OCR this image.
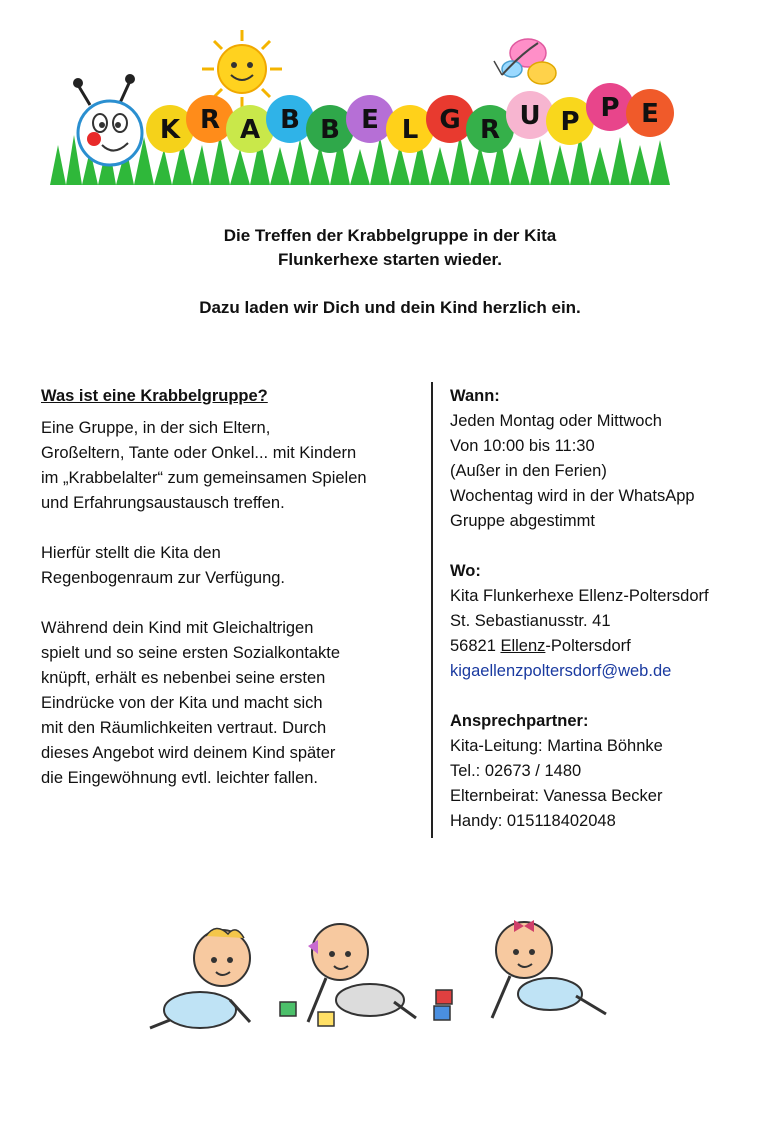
K R A B B E L G R U P P E
Die Treffen der Krabbelgruppe in der Kita
Flunkerhexe starten wieder.
Dazu laden wir Dich und dein Kind herzlich ein.
Was ist eine Krabbelgruppe?

Eine Gruppe, in der sich Eltern,
Großeltern, Tante oder Onkel... mit Kindern
im „Krabbelalter“ zum gemeinsamen Spielen
und Erfahrungsaustausch treffen.

Hierfür stellt die Kita den
Regenbogenraum zur Verfügung.

Während dein Kind mit Gleichaltrigen
spielt und so seine ersten Sozialkontakte
knüpft, erhält es nebenbei seine ersten
Eindrücke von der Kita und macht sich
mit den Räumlichkeiten vertraut. Durch
dieses Angebot wird deinem Kind später
die Eingewöhnung evtl. leichter fallen.

Wann:
Jeden Montag oder Mittwoch
Von 10:00 bis 11:30
(Außer in den Ferien)
Wochentag wird in der WhatsApp
Gruppe abgestimmt
Wo:
Kita Flunkerhexe Ellenz-Poltersdorf
St. Sebastianusstr. 41
56821 Ellenz-Poltersdorf
kigaellenzpoltersdorf@web.de
Ansprechpartner:
Kita-Leitung: Martina Böhnke
Tel.: 02673 / 1480
Elternbeirat: Vanessa Becker
Handy: 015118402048
